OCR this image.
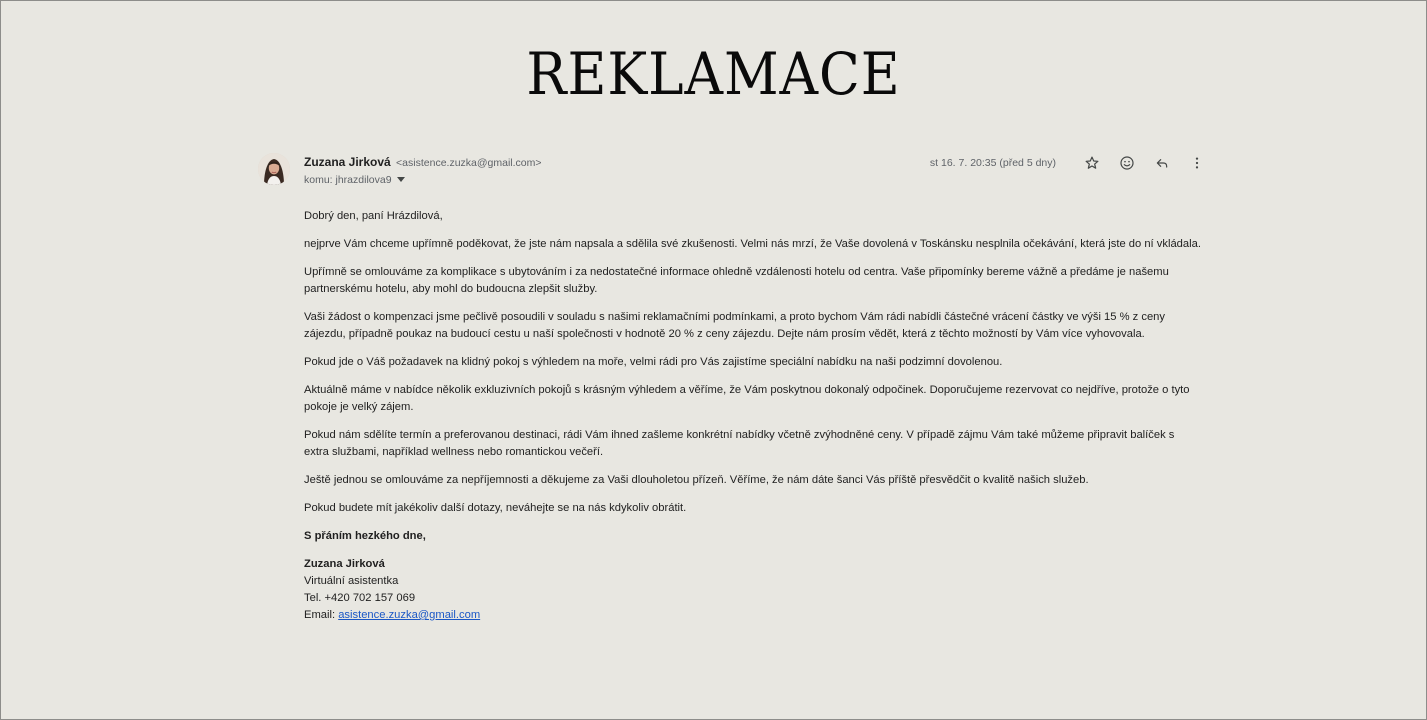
REKLAMACE
Zuzana Jirková <asistence.zuzka@gmail.com>
komu: jhrazdilova9
st 16. 7. 20:35 (před 5 dny)

Dobrý den, paní Hrázdilová,

nejprve Vám chceme upřímně poděkovat, že jste nám napsala a sdělila své zkušenosti. Velmi nás mrzí, že Vaše dovolená v Toskánsku nesplnila očekávání, která jste do ní vkládala.

Upřímně se omlouváme za komplikace s ubytováním i za nedostatečné informace ohledně vzdálenosti hotelu od centra. Vaše připomínky bereme vážně a předáme je našemu partnerskému hotelu, aby mohl do budoucna zlepšit služby.

Vaši žádost o kompenzaci jsme pečlivě posoudili v souladu s našimi reklamačními podmínkami, a proto bychom Vám rádi nabídli částečné vrácení částky ve výši 15 % z ceny zájezdu, případně poukaz na budoucí cestu u naší společnosti v hodnotě 20 % z ceny zájezdu. Dejte nám prosím vědět, která z těchto možností by Vám více vyhovovala.

Pokud jde o Váš požadavek na klidný pokoj s výhledem na moře, velmi rádi pro Vás zajistíme speciální nabídku na naši podzimní dovolenou.

Aktuálně máme v nabídce několik exkluzivních pokojů s krásným výhledem a věříme, že Vám poskytnou dokonalý odpočinek. Doporučujeme rezervovat co nejdříve, protože o tyto pokoje je velký zájem.

Pokud nám sdělíte termín a preferovanou destinaci, rádi Vám ihned zašleme konkrétní nabídky včetně zvýhodněné ceny. V případě zájmu Vám také můžeme připravit balíček s extra službami, například wellness nebo romantickou večeří.

Ještě jednou se omlouváme za nepříjemnosti a děkujeme za Vaši dlouholetou přízeň. Věříme, že nám dáte šanci Vás příště přesvědčit o kvalitě našich služeb.

Pokud budete mít jakékoliv další dotazy, neváhejte se na nás kdykoliv obrátit.

S přáním hezkého dne,

Zuzana Jirková
Virtuální asistentka
Tel. +420 702 157 069
Email: asistence.zuzka@gmail.com
